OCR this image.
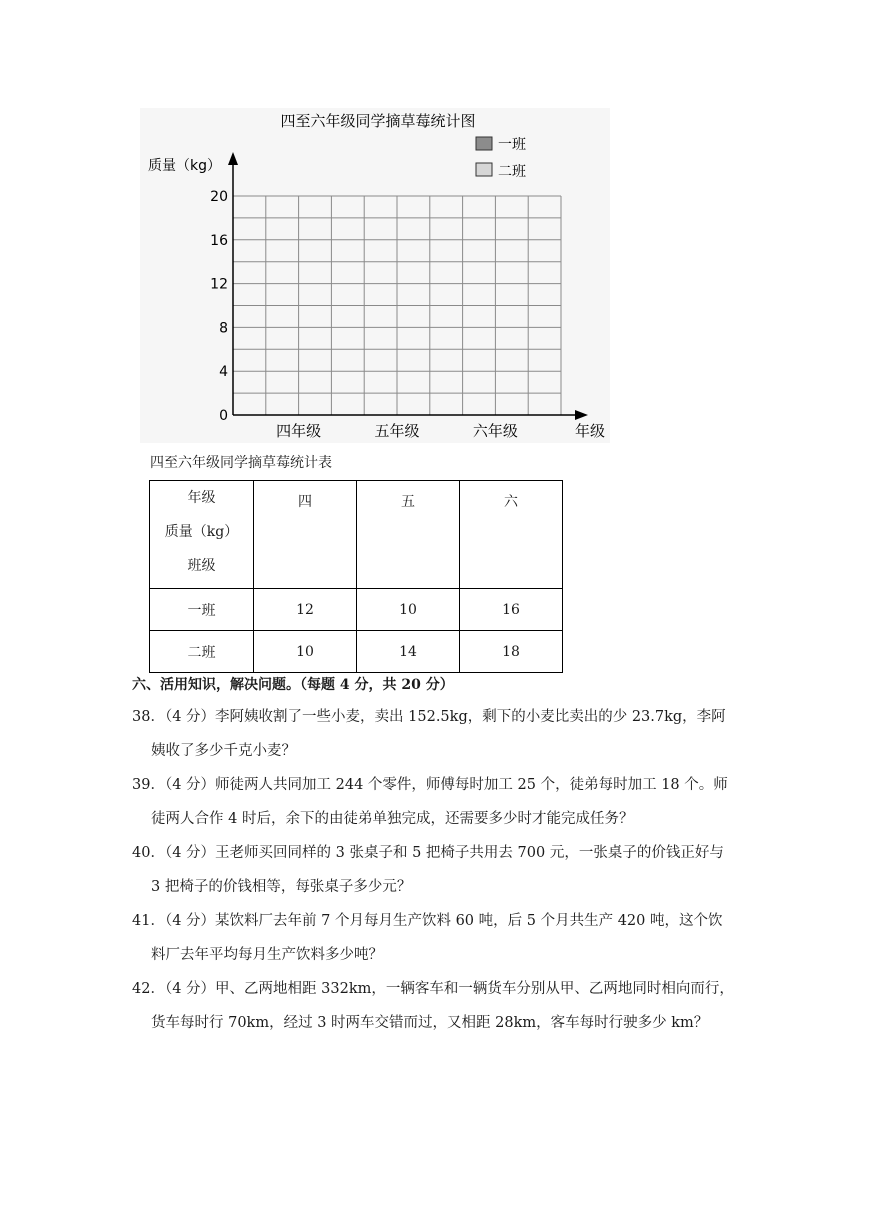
四至六年级同学摘草莓统计图
质量（kg）
年级
一班
二班
0
4
8
12
16
20
四年级	五年级	六年级
四至六年级同学摘草莓统计表
年级
质量（kg）
班级	四	五	六
一班	12	10	16
二班	10	14	18
六、活用知识，解决问题。（每题 4 分，共 20 分）
38．（4 分）李阿姨收割了一些小麦，卖出 152.5kg，剩下的小麦比卖出的少 23.7kg，李阿
姨收了多少千克小麦？
39．（4 分）师徒两人共同加工 244 个零件，师傅每时加工 25 个，徒弟每时加工 18 个。师
徒两人合作 4 时后，余下的由徒弟单独完成，还需要多少时才能完成任务？
40．（4 分）王老师买回同样的 3 张桌子和 5 把椅子共用去 700 元，一张桌子的价钱正好与
3 把椅子的价钱相等，每张桌子多少元？
41．（4 分）某饮料厂去年前 7 个月每月生产饮料 60 吨，后 5 个月共生产 420 吨，这个饮
料厂去年平均每月生产饮料多少吨？
42．（4 分）甲、乙两地相距 332km，一辆客车和一辆货车分别从甲、乙两地同时相向而行，
货车每时行 70km，经过 3 时两车交错而过，又相距 28km，客车每时行驶多少 km？
